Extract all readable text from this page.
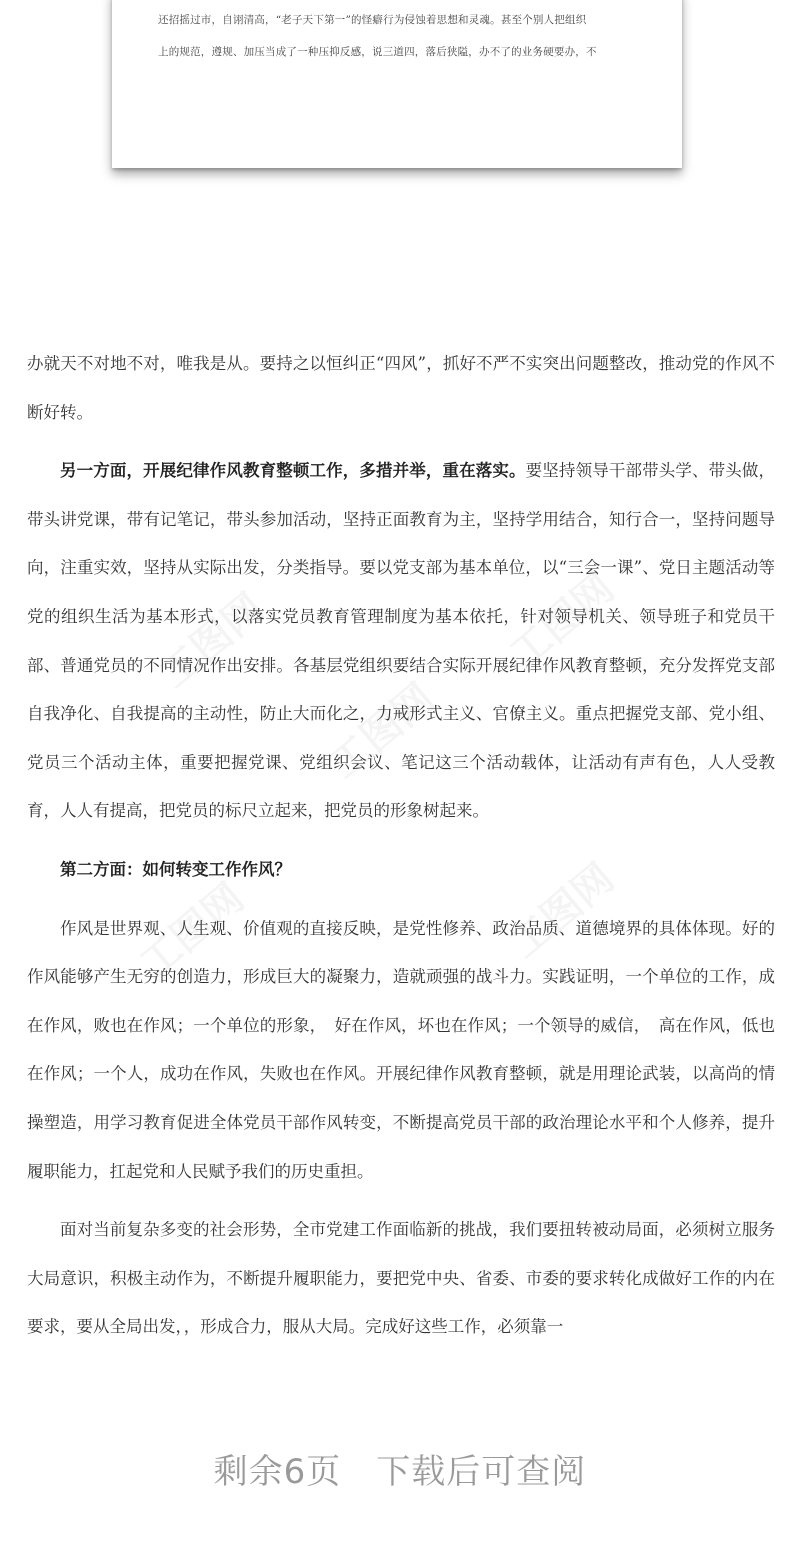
还招摇过市，自诩清高，“老子天下第一”的怪癖行为侵蚀着思想和灵魂。甚至个别人把组织
上的规范，遵规、加压当成了一种压抑反感，说三道四，落后狭隘，办不了的业务硬要办，不

办就天不对地不对，唯我是从。要持之以恒纠正“四风”，抓好不严不实突出问题整改，推动党的作风不断好转。

另一方面，开展纪律作风教育整顿工作，多措并举，重在落实。要坚持领导干部带头学、带头做，带头讲党课，带有记笔记，带头参加活动，坚持正面教育为主，坚持学用结合，知行合一，坚持问题导向，注重实效，坚持从实际出发，分类指导。要以党支部为基本单位，以“三会一课”、党日主题活动等党的组织生活为基本形式，以落实党员教育管理制度为基本依托，针对领导机关、领导班子和党员干部、普通党员的不同情况作出安排。各基层党组织要结合实际开展纪律作风教育整顿，充分发挥党支部自我净化、自我提高的主动性，防止大而化之，力戒形式主义、官僚主义。重点把握党支部、党小组、党员三个活动主体，重要把握党课、党组织会议、笔记这三个活动载体，让活动有声有色，人人受教育，人人有提高，把党员的标尺立起来，把党员的形象树起来。

第二方面：如何转变工作作风？

作风是世界观、人生观、价值观的直接反映，是党性修养、政治品质、道德境界的具体体现。好的作风能够产生无穷的创造力，形成巨大的凝聚力，造就顽强的战斗力。实践证明，一个单位的工作，成在作风，败也在作风；一个单位的形象，　好在作风，坏也在作风；一个领导的威信，　高在作风，低也在作风；一个人，成功在作风，失败也在作风。开展纪律作风教育整顿，就是用理论武装，以高尚的情操塑造，用学习教育促进全体党员干部作风转变，不断提高党员干部的政治理论水平和个人修养，提升履职能力，扛起党和人民赋予我们的历史重担。

面对当前复杂多变的社会形势，全市党建工作面临新的挑战，我们要扭转被动局面，必须树立服务大局意识，积极主动作为，不断提升履职能力，要把党中央、省委、市委的要求转化成做好工作的内在要求，要从全局出发，，形成合力，服从大局。完成好这些工作，必须靠一

剩余6页　下载后可查阅
